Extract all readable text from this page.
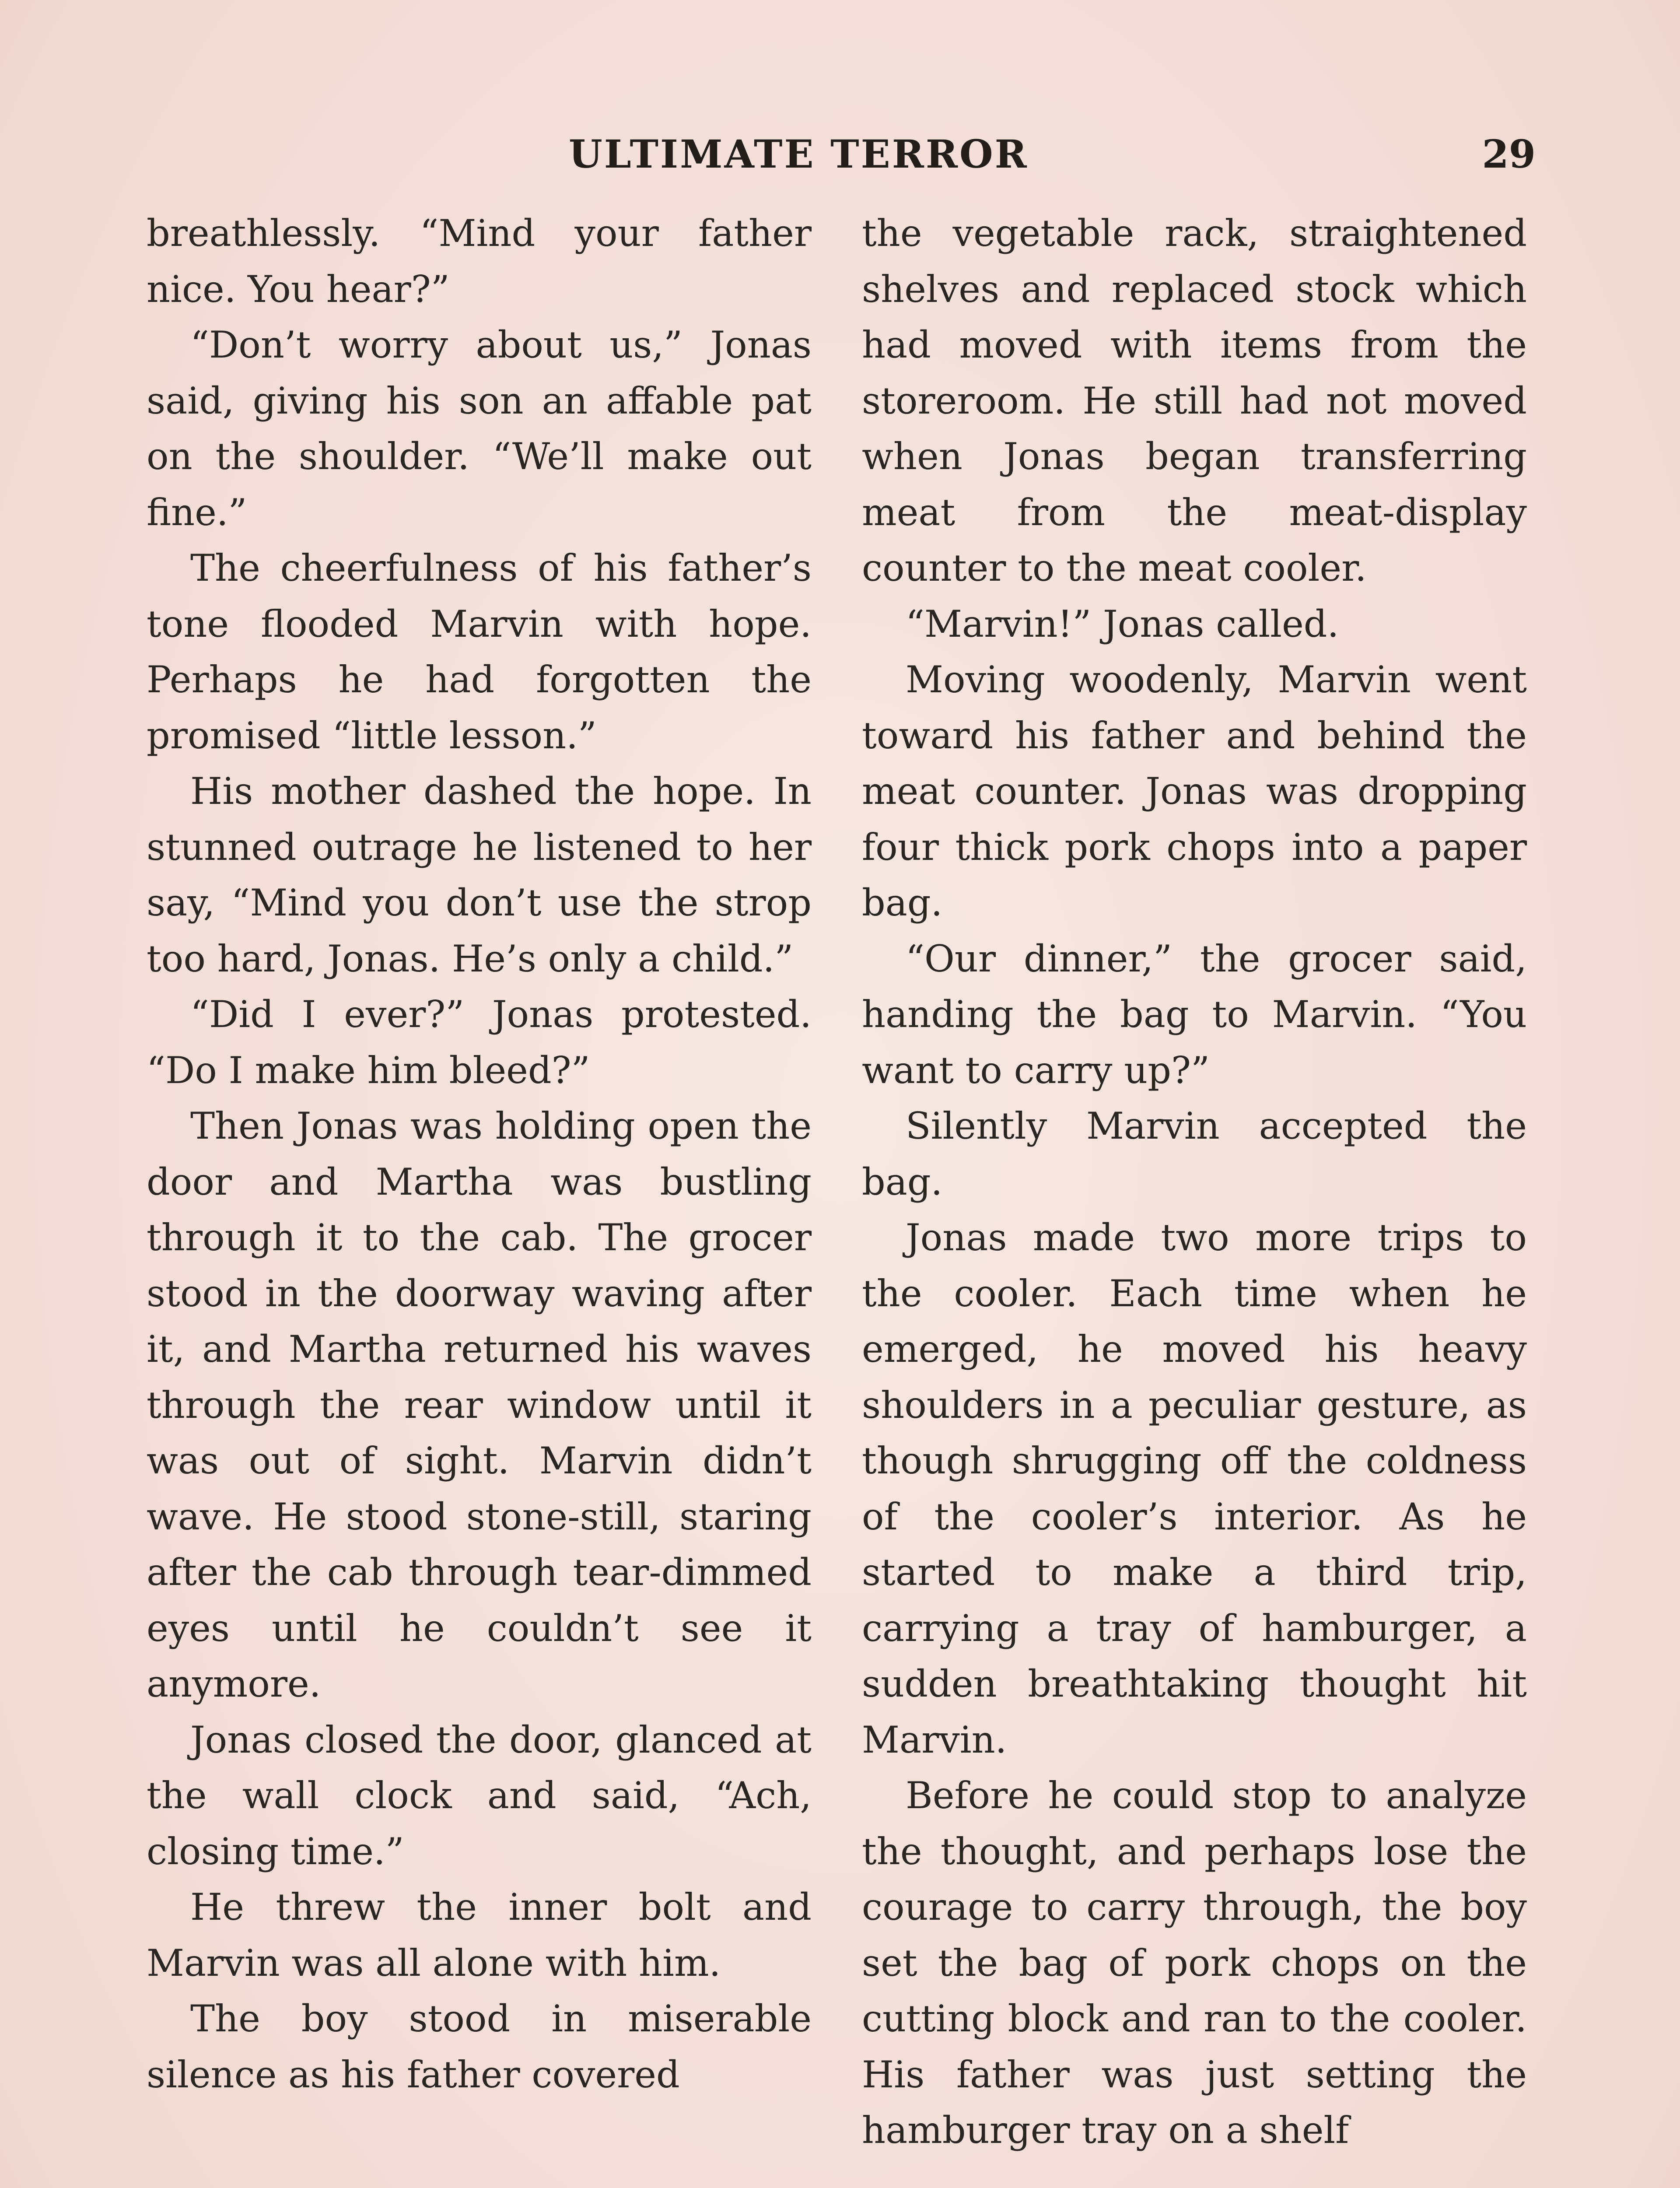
ULTIMATE TERROR	29

breathlessly. “Mind your father nice. You hear?”

“Don’t worry about us,” Jonas said, giving his son an affable pat on the shoulder. “We’ll make out fine.”

The cheerfulness of his father’s tone flooded Marvin with hope. Perhaps he had forgotten the promised “little lesson.”

His mother dashed the hope. In stunned outrage he listened to her say, “Mind you don’t use the strop too hard, Jonas. He’s only a child.”

“Did I ever?” Jonas protested. “Do I make him bleed?”

Then Jonas was holding open the door and Martha was bustling through it to the cab. The grocer stood in the doorway waving after it, and Martha returned his waves through the rear window until it was out of sight. Marvin didn’t wave. He stood stone-still, staring after the cab through tear-dimmed eyes until he couldn’t see it anymore.

Jonas closed the door, glanced at the wall clock and said, “Ach, closing time.”

He threw the inner bolt and Marvin was all alone with him.

The boy stood in miserable silence as his father covered

the vegetable rack, straightened shelves and replaced stock which had moved with items from the storeroom. He still had not moved when Jonas began transferring meat from the meat-display counter to the meat cooler.

“Marvin!” Jonas called.

Moving woodenly, Marvin went toward his father and behind the meat counter. Jonas was dropping four thick pork chops into a paper bag.

“Our dinner,” the grocer said, handing the bag to Marvin. “You want to carry up?”

Silently Marvin accepted the bag.

Jonas made two more trips to the cooler. Each time when he emerged, he moved his heavy shoulders in a peculiar gesture, as though shrugging off the coldness of the cooler’s interior. As he started to make a third trip, carrying a tray of hamburger, a sudden breathtaking thought hit Marvin.

Before he could stop to analyze the thought, and perhaps lose the courage to carry through, the boy set the bag of pork chops on the cutting block and ran to the cooler. His father was just setting the hamburger tray on a shelf
